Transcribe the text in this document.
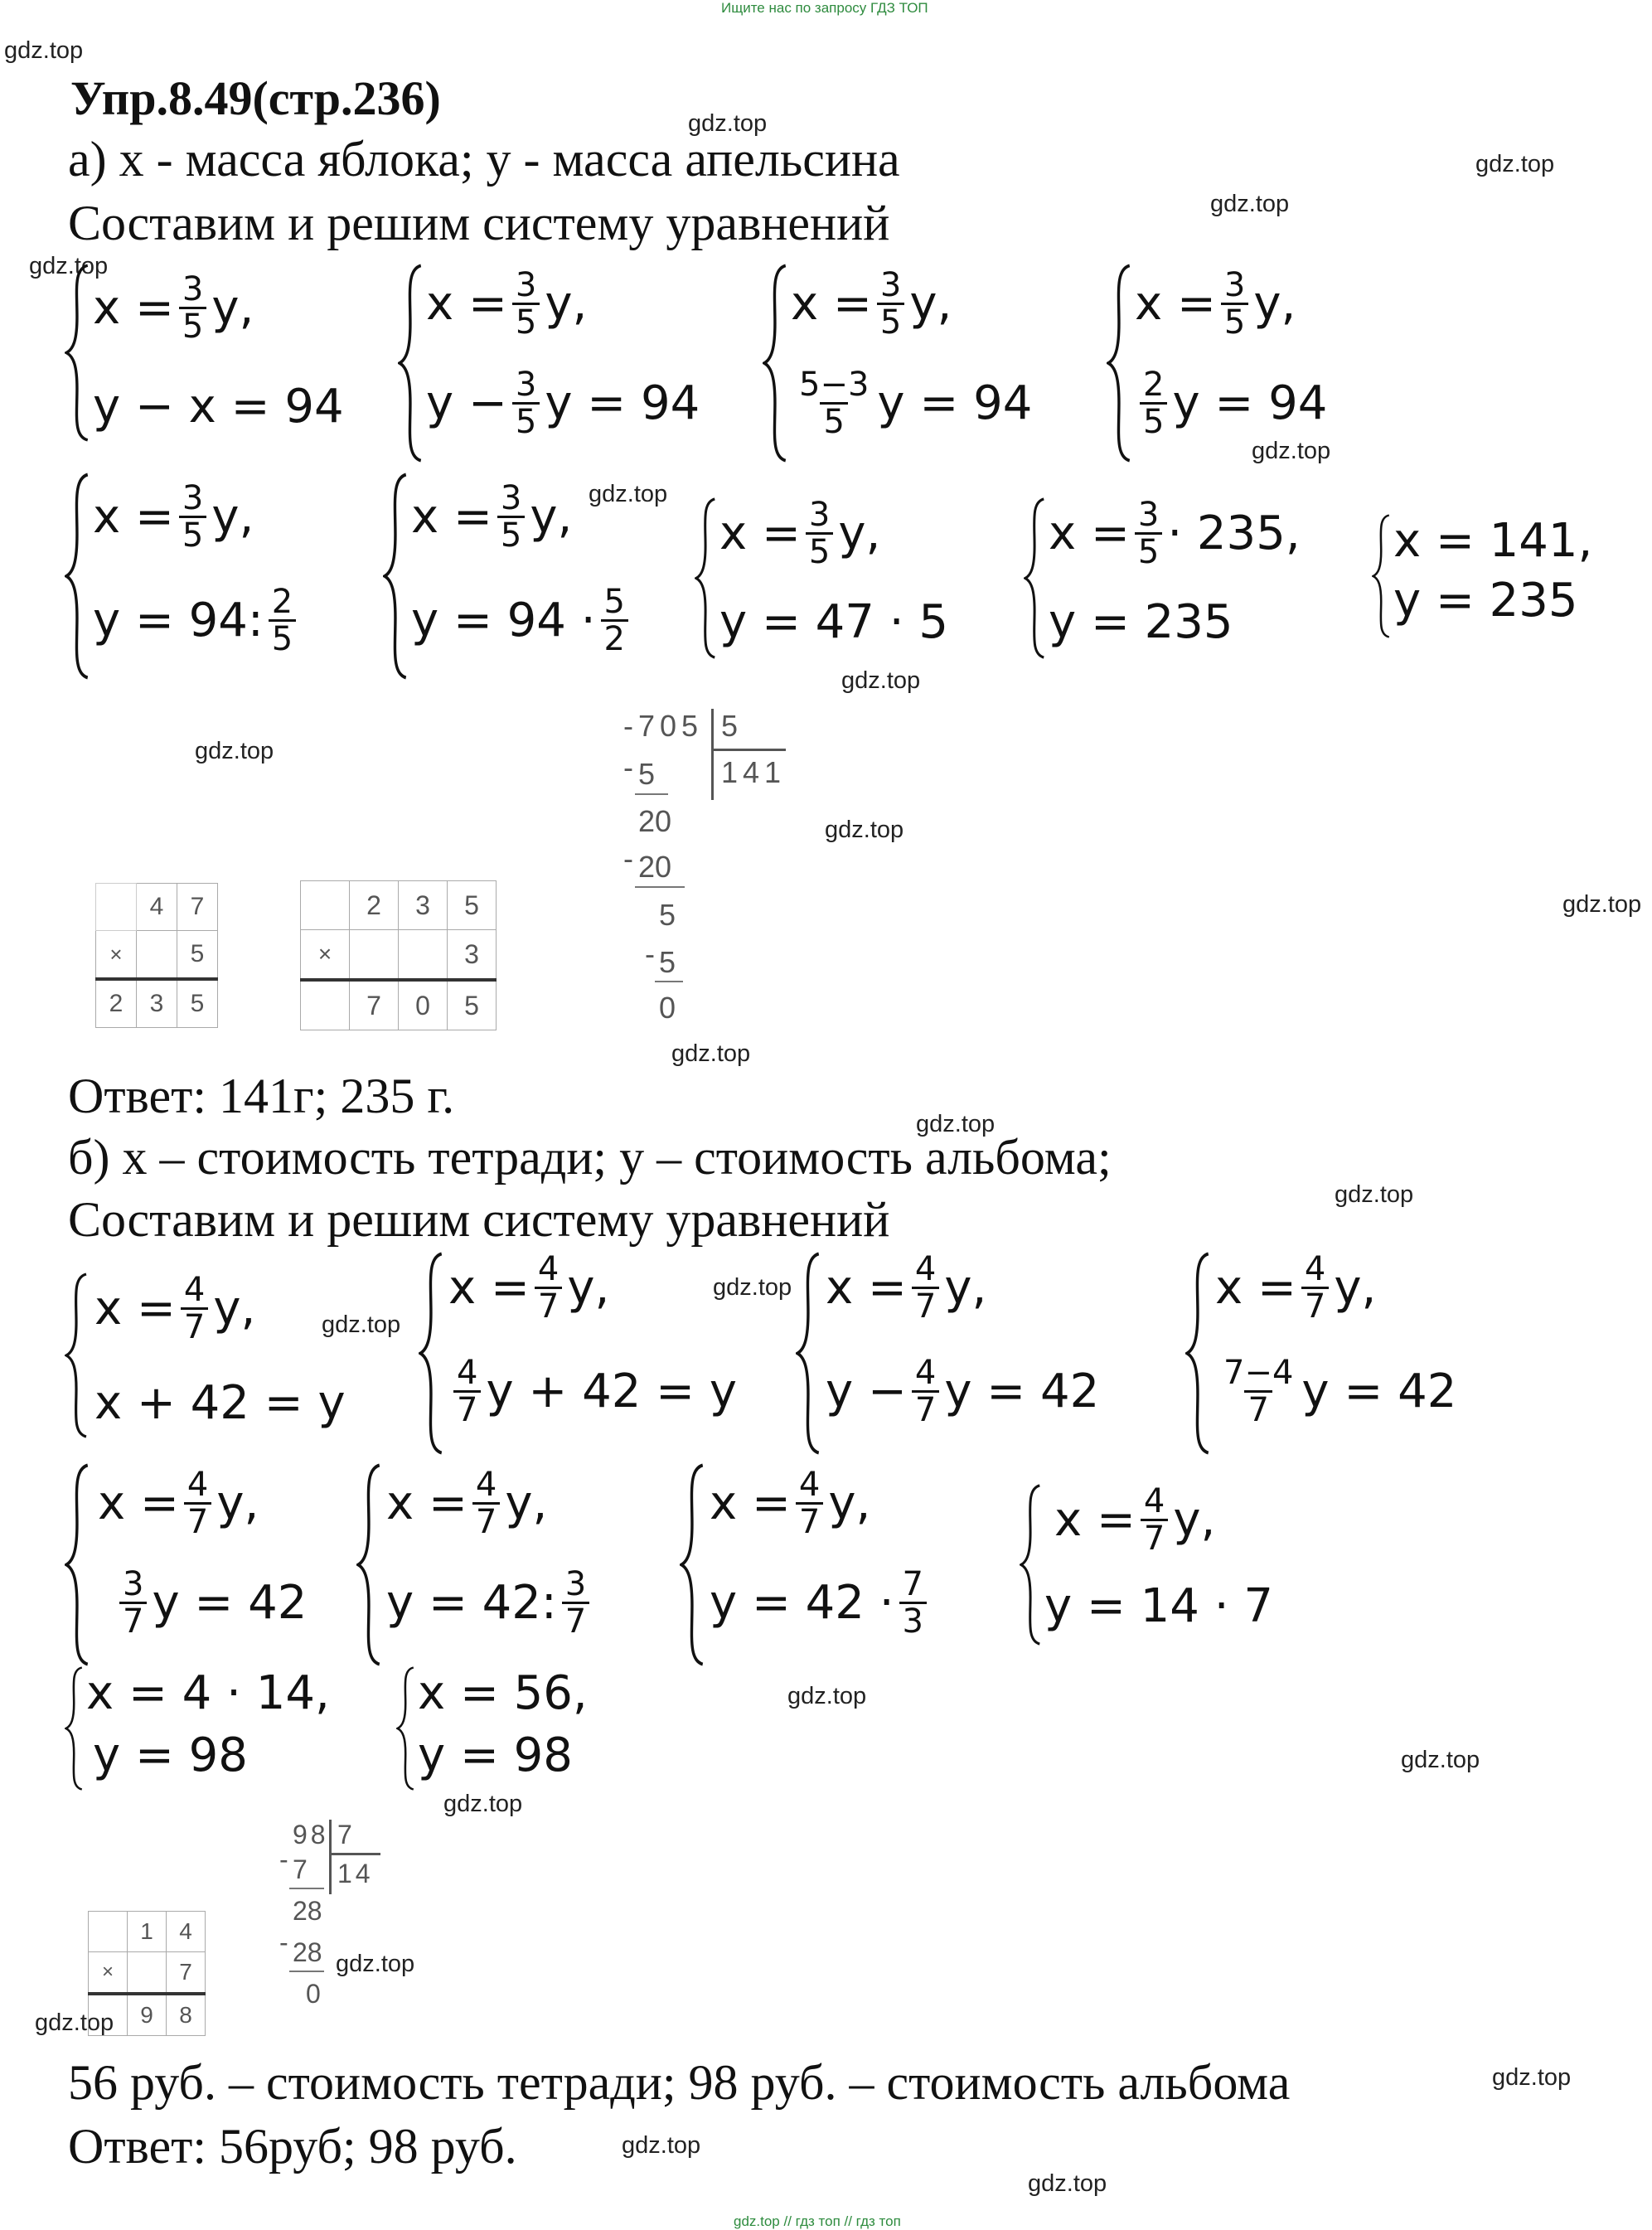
Ищите нас по запросу ГДЗ ТОП
gdz.top // гдз топ // гдз топ
gdz.top
gdz.top
gdz.top
gdz.top
gdz.top
gdz.top
gdz.top
gdz.top
gdz.top
gdz.top
gdz.top
gdz.top
gdz.top
gdz.top
gdz.top
gdz.top
gdz.top
gdz.top
gdz.top
gdz.top
gdz.top
gdz.top
gdz.top
gdz.top
Упр.8.49(стр.236)
а) x - масса яблока; y - масса апельсина
Составим и решим систему уравнений
$x = \frac{3}{5} y$,
y − x = 94
$x = \frac{3}{5} y$,
$y - \frac{3}{5}$ y = 94
$x = \frac{3}{5} y$,
$\frac{5-3}{5}$ y = 94
$x = \frac{3}{5} y$,
$\frac{2}{5}$ y = 94
$x = \frac{3}{5} y$,
y = 94: $\frac{2}{5}$
$x = \frac{3}{5} y$,
$y = 94 \cdot \frac{5}{2}$
$x = \frac{3}{5} y$,
y = 47 · 5
$x = \frac{3}{5} \cdot 235$,
y = 235
x = 141,
y = 235
	4	7
×		5
2	3	5
	2	3	5
×			3
	7	0	5
- 705 5
141
- 5
20
- 20
5
- 5
0
Ответ: 141г; 235 г.
б) x – стоимость тетради; y – стоимость альбома;
Составим и решим систему уравнений
$x = \frac{4}{7} y$,
x + 42 = y
$x = \frac{4}{7} y$,
$\frac{4}{7}$ y + 42 = y
$x = \frac{4}{7} y$,
$y - \frac{4}{7}$ y = 42
$x = \frac{4}{7} y$,
$\frac{7-4}{7}$ y = 42
$x = \frac{4}{7} y$,
$\frac{3}{7}$ y = 42
$x = \frac{4}{7} y$,
y = 42: $\frac{3}{7}$
$x = \frac{4}{7} y$,
$y = 42 \cdot \frac{7}{3}$
$x = \frac{4}{7} y$,
y = 14 · 7
x = 4 · 14,
y = 98
x = 56,
y = 98
	1	4
×		7
	9	8
98 7
14
- 7
28
- 28
0
56 руб. – стоимость тетради; 98 руб. – стоимость альбома
Ответ: 56руб; 98 руб.
